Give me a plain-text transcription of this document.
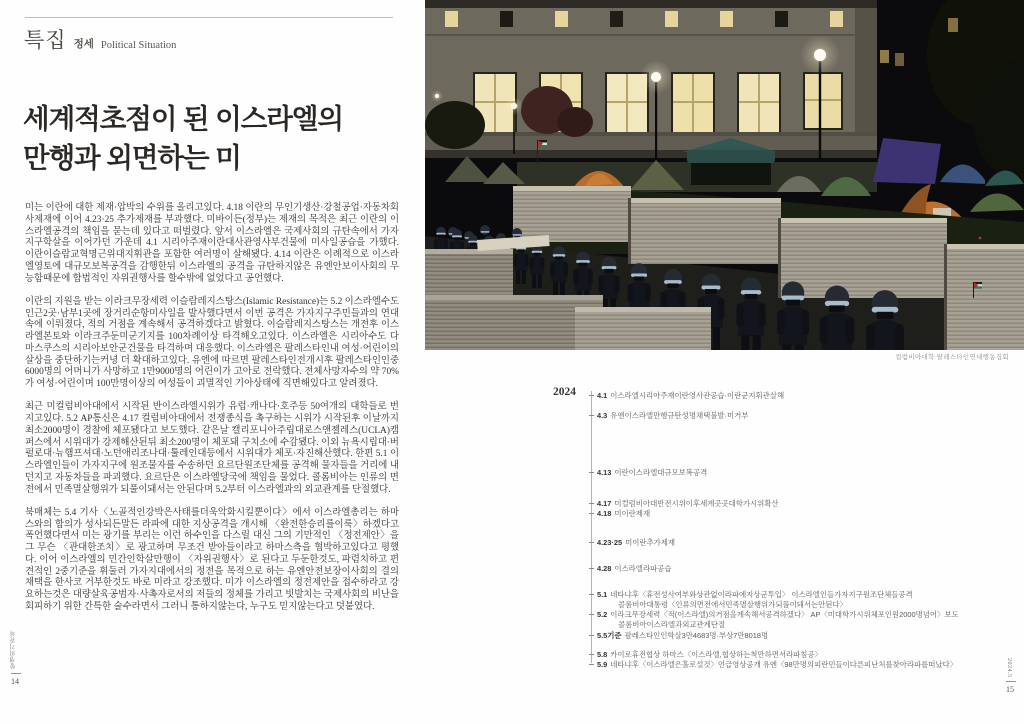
특집 정세 Political Situation
세계적초점이 된 이스라엘의
만행과 외면하는 미

미는 이란에 대한 제재·압박의 수위를 올리고있다. 4.18 이란의 무인기생산·강철공업·자동차회사제재에 이어 4.23·25 추가제재를 부과했다. 미바이든(정부)는 제재의 목적은 최근 이란의 이스라엘공격의 책임을 묻는데 있다고 떠벌렸다. 앞서 이스라엘은 국제사회의 규탄속에서 가자지구학살을 이어가던 가운데 4.1 시리아주재이란대사관영사부건물에 미사일공습을 가했다. 이란이슬람교혁명근위대지휘관을 포함한 여러명이 살해됐다. 4.14 이란은 이례적으로 이스라엘영토에 대규모보복공격을 감행한뒤 이스라엘의 공격을 규탄하지않은 유엔안보이사회의 무능함때문에 합법적인 자위권행사를 할수밖에 없었다고 공언했다.

이란의 지원을 받는 이라크무장세력 이슬람레지스탕스(Islamic Resistance)는 5.2 이스라엘수도인근2곳·남부1곳에 장거리순항미사일을 발사했다면서 이번 공격은 가자지구주민들과의 연대속에 이뤄졌다, 적의 거점을 계속해서 공격하겠다고 밝혔다. 이슬람레지스탕스는 개전후 이스라엘본토와 이라크주둔미군기지를 100차례이상 타격해오고있다. 이스라엘은 시리아수도 다마스쿠스의 시리아보안군건물을 타격하며 대응했다. 이스라엘은 팔레스타인내 여성·어린이의 살상을 중단하기는커녕 더 확대하고있다. 유엔에 따르면 팔레스타인전개시후 팔레스타인인중 6000명의 어머니가 사망하고 1만9000명의 어린이가 고아로 전락했다. 전체사망자수의 약 70%가 여성·어린이며 100만명이상의 여성들이 괴멸적인 기아상태에 직면해있다고 알려졌다.

최근 미컬럼비아대에서 시작된 반이스라엘시위가 유럽·캐나다·호주등 50여개의 대학들로 번지고있다. 5.2 AP통신은 4.17 컬럼비아대에서 전쟁종식을 촉구하는 시위가 시작된후 이날까지 최소2000명이 경찰에 체포됐다고 보도했다. 같은날 캘리포니아주립대로스앤젤레스(UCLA)캠퍼스에서 시위대가 강제해산된뒤 최소200명이 체포돼 구치소에 수감됐다. 이외 뉴욕시립대·버펄로대·뉴햄프셔대·노던애리조나대·툴레인대등에서 시위대가 체포·자진해산했다. 한편 5.1 이스라엘인들이 가자지구에 원조물자를 수송하던 요르단원조단체를 공격해 물자들을 거리에 내던지고 자동차들을 파괴했다. 요르단은 이스라엘당국에 책임을 물었다. 콜롬비아는 인류의 면전에서 민족멸살행위가 되풀이돼서는 안된다며 5.2부터 이스라엘과의 외교관계를 단절했다.

북매체는 5.4 기사〈노골적인강박은사태를더욱악화시킬뿐이다〉에서 이스라엘총리는 하마스와의 합의가 성사되든말든 라파에 대한 지상공격을 개시해 〈완전한승리를이룩〉하겠다고 폭언했다면서 미는 광기를 부리는 이런 하수인을 다스릴 대신 그의 기만적인 〈정전제안〉을 그 무슨 〈관대한조치〉로 광고하며 무조건 받아들이라고 하마스측을 협박하고있다고 평했다. 이어 이스라엘의 민간인학살만행이 〈자위권행사〉로 된다고 두둔한것도, 파렴치하고 편견적인 2중기준을 휘둘러 가자지대에서의 정전을 목적으로 하는 유엔안전보장이사회의 결의채택을 한사코 거부한것도 바로 미라고 강조했다. 미가 이스라엘의 정전제안을 접수하라고 강요하는것은 대량살육공범자·사촉자로서의 저들의 정체를 가리고 빗발치는 국제사회의 비난을 회피하기 위한 간특한 술수라면서 그러니 통하지않는다, 누구도 믿지않는다고 덧붙였다.

항쟁의기관차
14
컬럼비아대학 팔레스타인연대행동집회
2024	4.1 이스라엘시리아주재이란영사관공습·이란군지휘관살해
4.3 유엔이스라엘만행규탄성명채택불발·미거부
4.13 이란이스라엘대규모보복공격
4.17 미컬럼비아대반전시위이후세계곳곳대학가시위확산
4.18 미이란제재
4.23·25 미이란추가제재
4.28 이스라엘라파공습
5.1 네타냐후〈휴전성사여부와상관없이라파에지상군투입〉 이스라엘인들가자지구원조단체들공격
콜롬비아대통령〈인류의면전에서민족멸살행위가되풀이돼서는안된다〉
5.2 이라크무장세력〈적(이스라엘)의거점을계속해서공격하겠다〉 AP〈미대학가시위체포인원2000명넘어〉보도
콜롬비아이스라엘과외교관계단절
5.5기준 팔레스타인인학살3만4683명·부상7만8018명
5.8 카이로휴전협상 하마스〈이스라엘,협상하는척만하면서라파침공〉
5.9 네타냐후〈이스라엘은홀로설것〉언급영상공개 유엔〈98만명의피란민들이다른피난처를찾아라파를떠났다〉	2024.5
15
